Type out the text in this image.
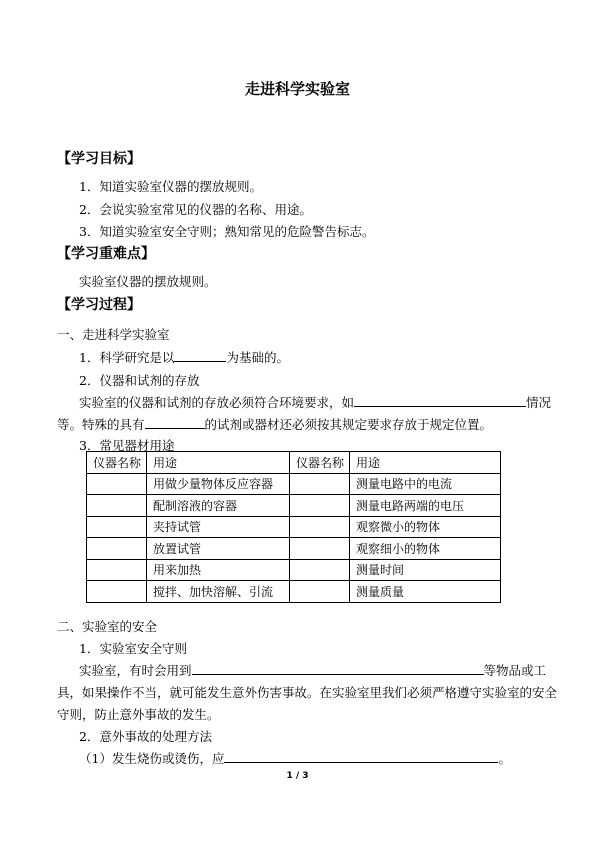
走进科学实验室
【学习目标】
1．知道实验室仪器的摆放规则。
2．会说实验室常见的仪器的名称、用途。
3．知道实验室安全守则；熟知常见的危险警告标志。
【学习重难点】
实验室仪器的摆放规则。
【学习过程】
一、走进科学实验室
1．科学研究是以	为基础的。
2．仪器和试剂的存放
实验室的仪器和试剂的存放必须符合环境要求，如	情况
等。特殊的具有	的试剂或器材还必须按其规定要求存放于规定位置。
3．常见器材用途
仪器名称	用途	仪器名称	用途
	用做少量物体反应容器		测量电路中的电流
	配制溶液的容器		测量电路两端的电压
	夹持试管		观察微小的物体
	放置试管		观察细小的物体
	用来加热		测量时间
	搅拌、加快溶解、引流		测量质量
二、实验室的安全
1．实验室安全守则
实验室，有时会用到	等物品或工
具，如果操作不当，就可能发生意外伤害事故。在实验室里我们必须严格遵守实验室的安全
守则，防止意外事故的发生。
2．意外事故的处理方法
（1）发生烧伤或烫伤，应	。
1 / 3
